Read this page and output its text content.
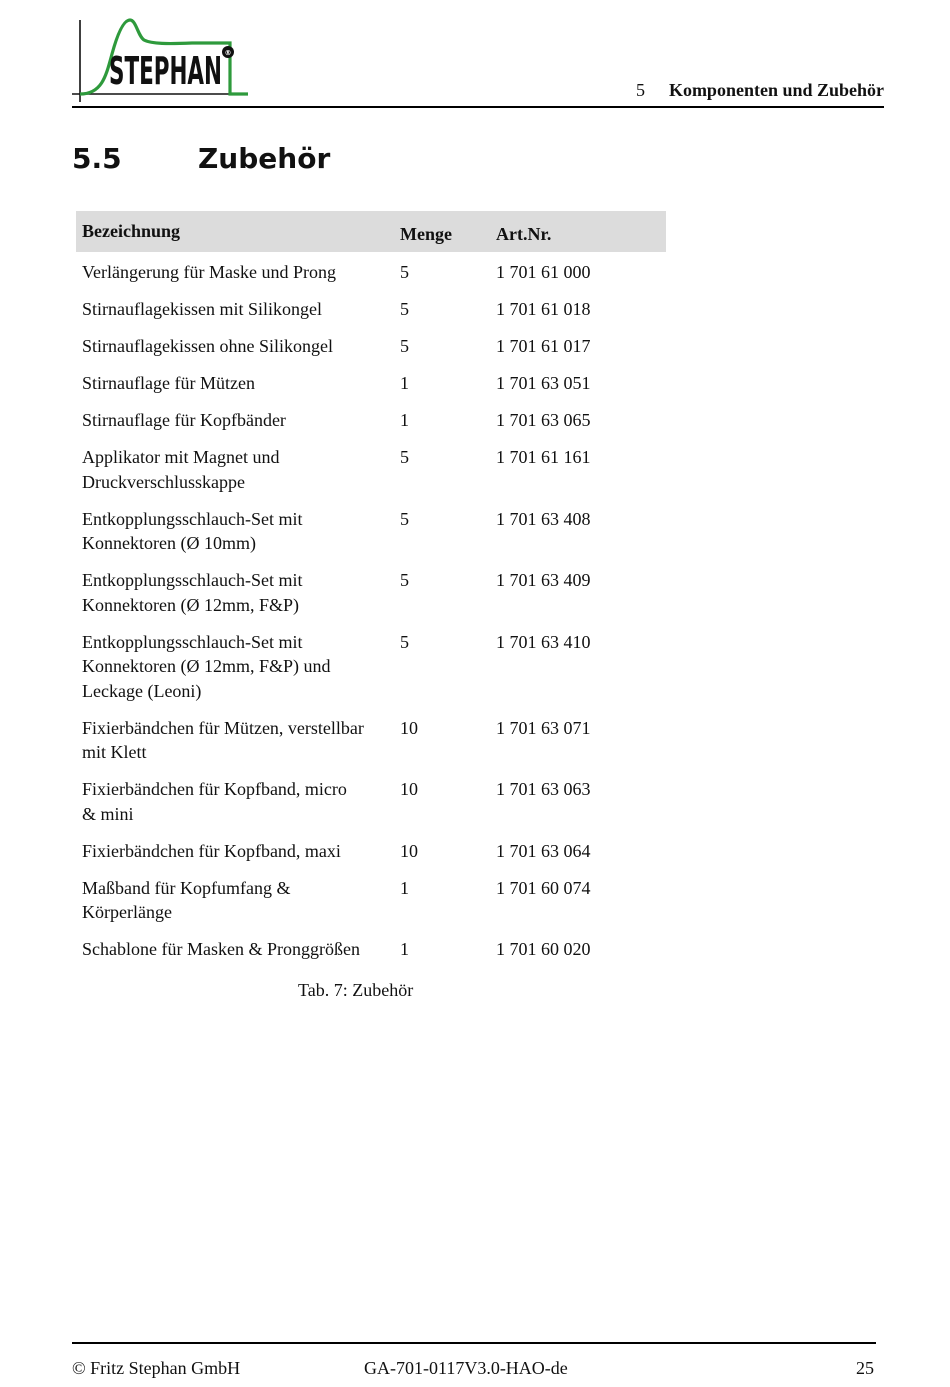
STEPHAN ®
5 Komponenten und Zubehör
5.5	Zubehör
Bezeichnung	Menge Art.Nr.
Verlängerung für Maske und Prong	5	1 701 61 000
Stirnauflagekissen mit Silikongel	5	1 701 61 018
Stirnauflagekissen ohne Silikongel	5	1 701 61 017
Stirnauflage für Mützen	1	1 701 63 051
Stirnauflage für Kopfbänder	1	1 701 63 065
Applikator mit Magnet und
Druckverschlusskappe
5	1 701 61 161
Entkopplungsschlauch-Set mit
Konnektoren (Ø 10mm)
5	1 701 63 408
Entkopplungsschlauch-Set mit
Konnektoren (Ø 12mm, F&P)
5	1 701 63 409
Entkopplungsschlauch-Set mit
Konnektoren (Ø 12mm, F&P) und
Leckage (Leoni)
5	1 701 63 410
Fixierbändchen für Mützen, verstellbar
mit Klett
10	1 701 63 071
Fixierbändchen für Kopfband, micro
& mini
10	1 701 63 063
Fixierbändchen für Kopfband, maxi	10	1 701 63 064
Maßband für Kopfumfang &
Körperlänge
1	1 701 60 074
Schablone für Masken & Pronggrößen	1	1 701 60 020
Tab. 7: Zubehör
© Fritz Stephan GmbH	GA-701-0117V3.0-HAO-de	25
